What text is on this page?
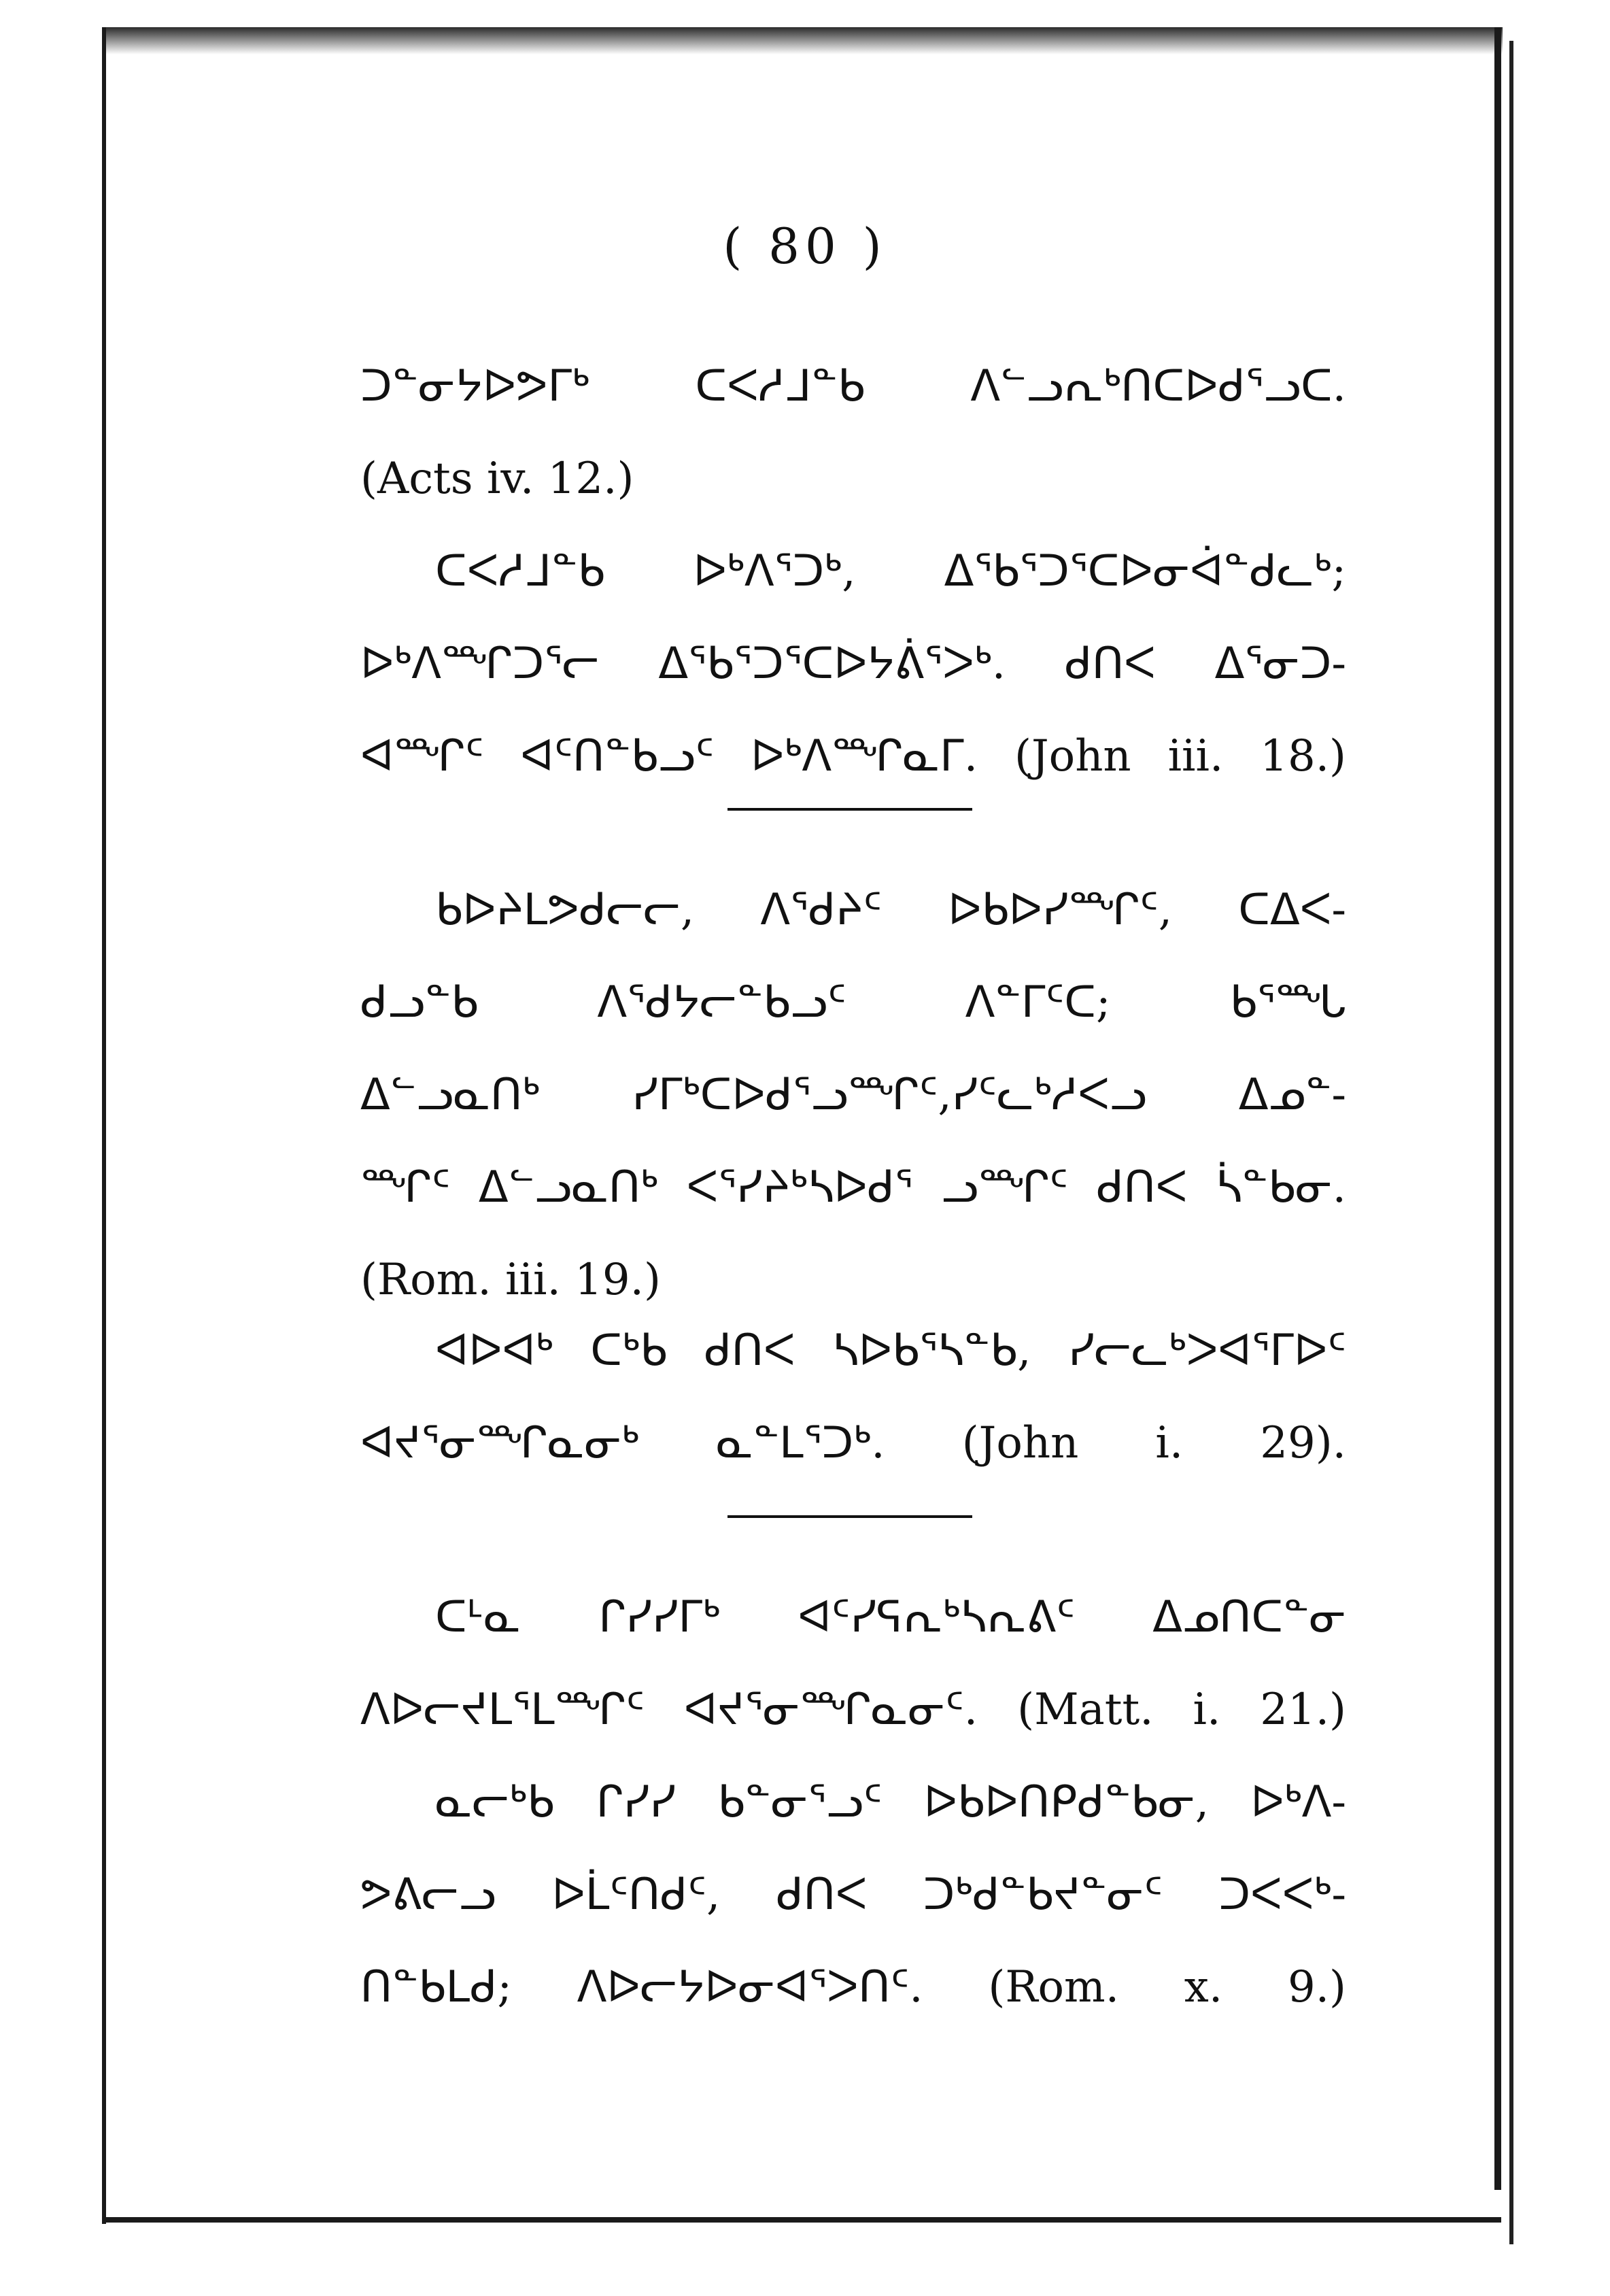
( 80 )
ᑐᓐᓂᔭᐅᕗᒥᒃ ᑕᐸᓱᒧᓐᑲ ᐱᓪᓗᕆᒃᑎᑕᐅᑯᕐᓗᑕ.
(Acts iv. 12.)
ᑕᐸᓱᒧᓐᑲ ᐅᒃᐱᕐᑐᒃ, ᐃᕐᑲᕐᑐᕐᑕᐅᓂᐋᓐᑯᓚᒃ;
ᐅᒃᐱᙱᑐᕐᓕ ᐃᕐᑲᕐᑐᕐᑕᐅᔭᕖᕐᐳᒃ. ᑯᑎᐸ ᐃᕐᓂᑐ-
ᐊᙱᑦ ᐊᑦᑎᓐᑲᓗᑦ ᐅᒃᐱᙱᓇᒥ. (John iii. 18.)
ᑲᐅᔨᒪᕗᑯᓕᓕ, ᐱᕐᑯᔨᑦ ᐅᑲᐅᓯᙱᑦ, ᑕᐃᐸ-
ᑯᓗᓐᑲ ᐱᕐᑯᔭᓕᓐᑲᓗᑦ ᐱᓐᒥᑦᑕ; ᑲᕐᙵ
ᐃᓪᓗᓇᑎᒃ ᓯᒥᒃᑕᐅᑯᕐᓗᙱᑦ,ᓯᑦᓚᒃᓱᐸᓗ ᐃᓄᓐ-
ᙱᑦ ᐃᓪᓗᓇᑎᒃ ᐸᕐᓯᔨᒃᓴᐅᑯᕐ ᓗᙱᑦ ᑯᑎᐸ ᓵᓐᑲᓂ.
(Rom. iii. 19.)
ᐊᐅᐊᒃ ᑕᒃᑲ ᑯᑎᐸ ᓴᐅᑲᕐᓴᓐᑲ, ᓯᓕᓚᒃᐳᐊᕐᒥᐅᑦ
ᐊᔪᕐᓂᙱᓇᓂᒃ ᓇᓐᒪᕐᑐᒃ. (John i. 29).
ᑕᒻᓇ ᒋᓯᓯᒥᒃ ᐊᑦᓯᕋᕆᒃᓴᕆᕕᑦ ᐃᓄᑎᑕᓐᓂ
ᐱᐅᓕᔪᒪᕐᒪᙱᑦ ᐊᔪᕐᓂᙱᓇᓂᑦ. (Matt. i. 21.)
ᓇᓕᒃᑲ ᒋᓯᓯ ᑲᓐᓂᕐᓗᑦ ᐅᑲᐅᑎᑭᑯᓐᑲᓂ, ᐅᒃᐱ-
ᕗᕕᓕᓗ ᐅᒫᑦᑎᑯᑦ, ᑯᑎᐸ ᑐᒃᑯᓐᑲᔪᓐᓂᑦ ᑐᐸᐸᒃ-
ᑎᓐᑲᒪᑯ; ᐱᐅᓕᔭᐅᓂᐊᕐᐳᑎᑦ. (Rom. x. 9.)
